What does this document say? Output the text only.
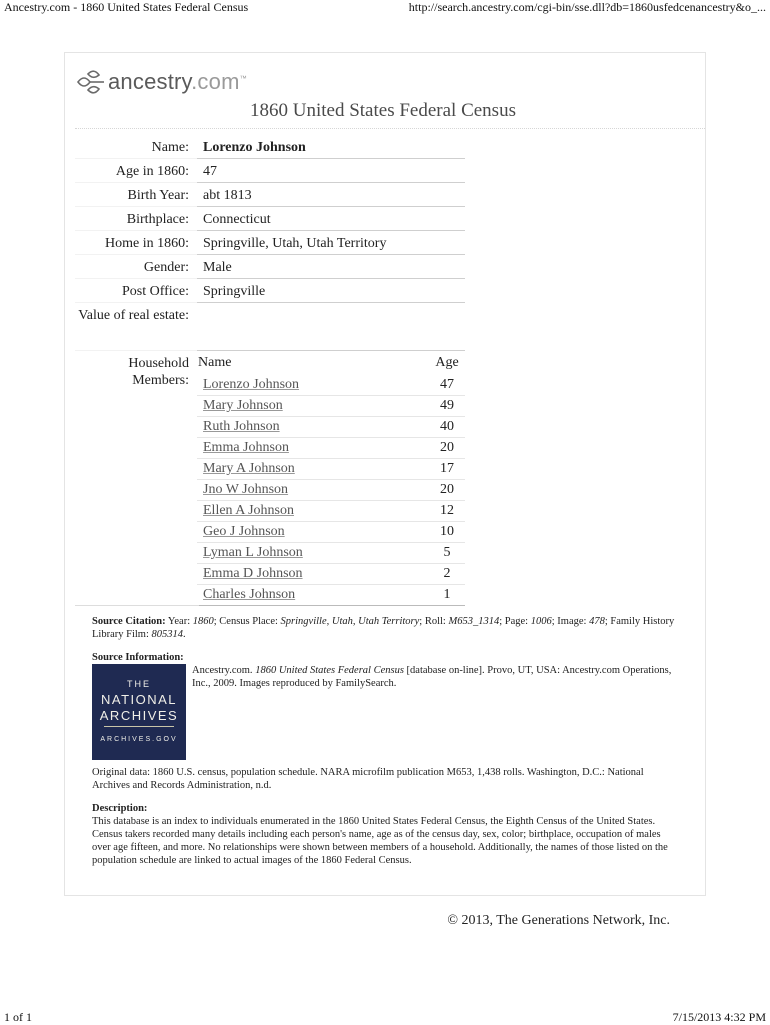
Ancestry.com - 1860 United States Federal Census	http://search.ancestry.com/cgi-bin/sse.dll?db=1860usfedcenancestry&o_...
ancestry.com™
1860 United States Federal Census
Name:	Lorenzo Johnson
Age in 1860:	47
Birth Year:	abt 1813
Birthplace:	Connecticut
Home in 1860:	Springville, Utah, Utah Territory
Gender:	Male
Post Office:	Springville
Value of real estate:
Household Members:
Name	Age
Lorenzo Johnson	47
Mary Johnson	49
Ruth Johnson	40
Emma Johnson	20
Mary A Johnson	17
Jno W Johnson	20
Ellen A Johnson	12
Geo J Johnson	10
Lyman L Johnson	5
Emma D Johnson	2
Charles Johnson	1
Source Citation: Year: 1860; Census Place: Springville, Utah, Utah Territory; Roll: M653_1314; Page: 1006; Image: 478; Family History Library Film: 805314.
Source Information:
THE
NATIONAL
ARCHIVES
ARCHIVES.GOV
Ancestry.com. 1860 United States Federal Census [database on-line]. Provo, UT, USA: Ancestry.com Operations, Inc., 2009. Images reproduced by FamilySearch.
Original data: 1860 U.S. census, population schedule. NARA microfilm publication M653, 1,438 rolls. Washington, D.C.: National Archives and Records Administration, n.d.
Description:
This database is an index to individuals enumerated in the 1860 United States Federal Census, the Eighth Census of the United States. Census takers recorded many details including each person's name, age as of the census day, sex, color; birthplace, occupation of males over age fifteen, and more. No relationships were shown between members of a household. Additionally, the names of those listed on the population schedule are linked to actual images of the 1860 Federal Census.
© 2013, The Generations Network, Inc.
1 of 1	7/15/2013 4:32 PM
